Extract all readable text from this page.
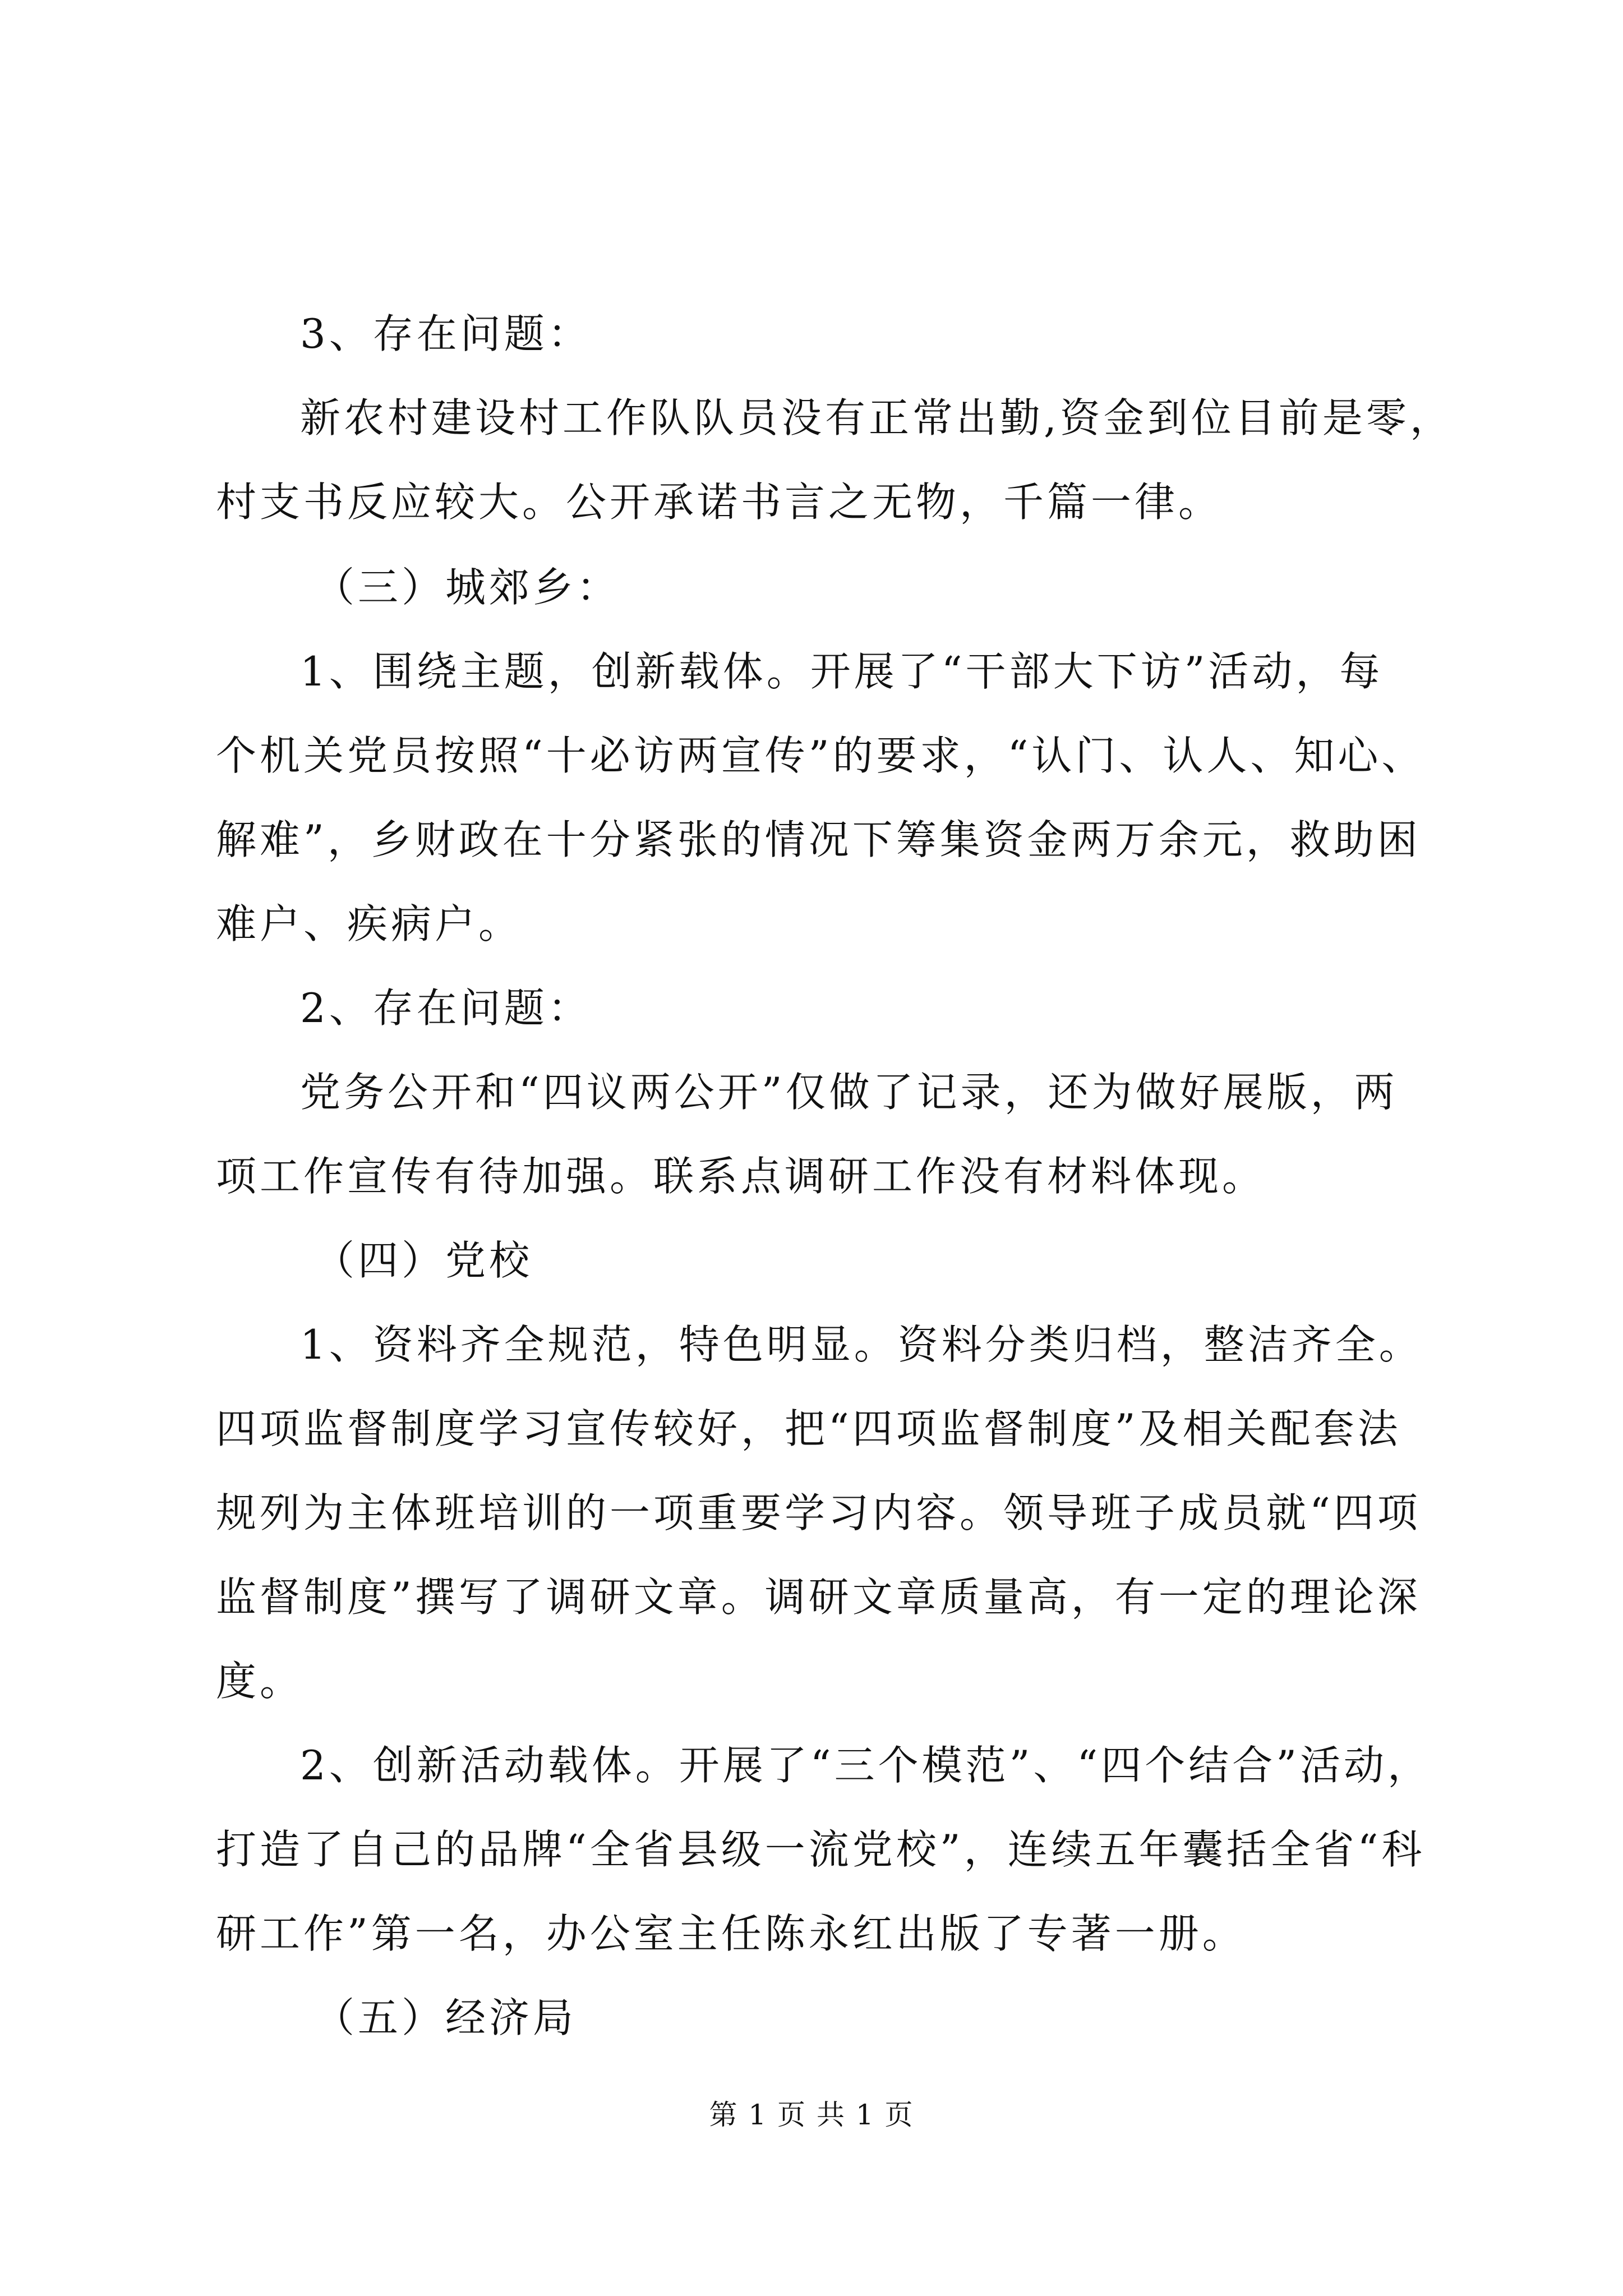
3、存在问题：
新农村建设村工作队队员没有正常出勤,资金到位目前是零，
村支书反应较大。公开承诺书言之无物，千篇一律。
（三）城郊乡：
1、围绕主题，创新载体。开展了“干部大下访”活动，每
个机关党员按照“十必访两宣传”的要求，“认门、认人、知心、
解难”，乡财政在十分紧张的情况下筹集资金两万余元，救助困
难户、疾病户。
2、存在问题：
党务公开和“四议两公开”仅做了记录，还为做好展版，两
项工作宣传有待加强。联系点调研工作没有材料体现。
（四）党校
1、资料齐全规范，特色明显。资料分类归档，整洁齐全。
四项监督制度学习宣传较好，把“四项监督制度”及相关配套法
规列为主体班培训的一项重要学习内容。领导班子成员就“四项
监督制度”撰写了调研文章。调研文章质量高，有一定的理论深
度。
2、创新活动载体。开展了“三个模范”、“四个结合”活动，
打造了自己的品牌“全省县级一流党校”，连续五年囊括全省“科
研工作”第一名，办公室主任陈永红出版了专著一册。
（五）经济局
第 1 页 共 1 页
